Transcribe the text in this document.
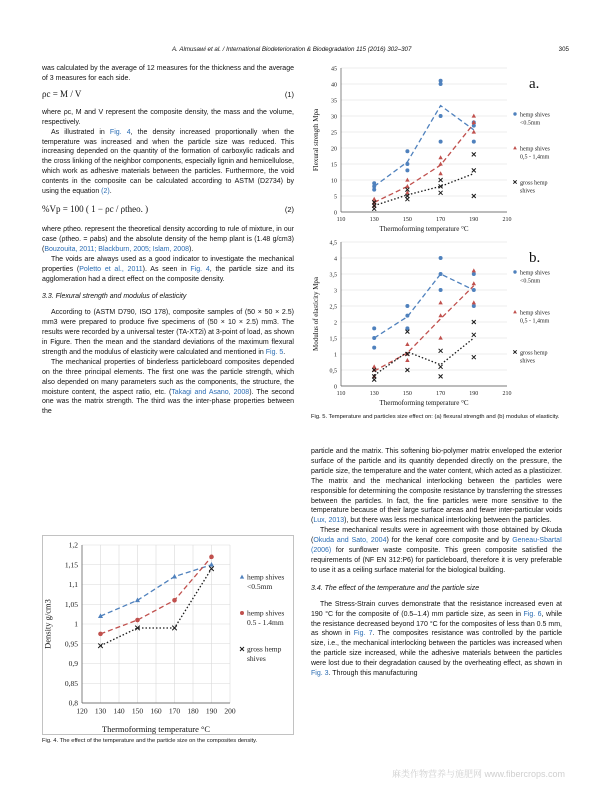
A. Almusawi et al. / International Biodeterioration & Biodegradation 115 (2016) 302–307	305

was calculated by the average of 12 measures for the thickness and the average of 3 measures for each side.

ρc = M / V	(1)

where ρc, M and V represent the composite density, the mass and the volume, respectively.

As illustrated in Fig. 4, the density increased proportionally when the temperature was increased and when the particle size was reduced. This increasing depended on the quantity of the formation of carboxylic radicals and the cross linking of the neighbor components, especially lignin and hemicellulose, which work as adhesive materials between the particles. Furthermore, the void contents in the composite can be calculated according to ASTM (D2734) by using the equation (2).

%Vp = 100 ( 1 − ρc / ρtheo. )	(2)

where ρtheo. represent the theoretical density according to rule of mixture, in our case (ρtheo. = ρabs) and the absolute density of the hemp plant is (1.48 g/cm3) (Bouzouita, 2011; Blackburn, 2005; Islam, 2008).

The voids are always used as a good indicator to investigate the mechanical properties (Poletto et al., 2011). As seen in Fig. 4, the particle size and its agglomeration had a direct effect on the composite density.

3.3. Flexural strength and modulus of elasticity

According to (ASTM D790, ISO 178), composite samples of (50 × 50 × 2.5) mm3 were prepared to produce five specimens of (50 × 10 × 2.5) mm3. The results were recorded by a universal tester (TA-XT2i) at 3-point of load, as shown in Figure. Then the mean and the standard deviations of the maximum flexural strength and the modulus of elasticity were calculated and mentioned in Fig. 5.

The mechanical properties of binderless particleboard composites depended on the three principal elements. The first one was the particle strength, which also depended on many parameters such as the components, the structure, the moisture content, the aspect ratio, etc. (Takagi and Asano, 2008). The second one was the matrix strength. The third was the inter-phase properties between the

0,8
0,85
0,9
0,95
1
1,05
1,1
1,15
1,2
120 130 140 150 160 170 180 190 200
Thermoforming temperature °C
Density g/cm3
hemp shives
<0.5mm
hemp shives
0.5 - 1.4mm
gross hemp
shives
Fig. 4. The effect of the temperature and the particle size on the composites density.
0
5
10
15
20
25
30
35
40
45
110	130	150	170	190	210
Thermoforming temperature °C
Flexural strength Mpa	hemp shives
<0.5mm
hemp shives
0,5 - 1,4mm
gross hemp
shives
a.
0
0,5
1
1,5
2
2,5
3
3,5
4
4,5
110	130	150	170	190	210
Thermoforming temperature °C
Modulus of elasticity Mpa
hemp shives
<0.5mm
hemp shives
0,5 - 1,4mm
gross hemp
shives
b.
Fig. 5. Temperature and particles size effect on: (a) flexural strength and (b) modulus of elasticity.

particle and the matrix. This softening bio-polymer matrix enveloped the exterior surface of the particle and its quantity depended directly on the pressure, the particle size, the temperature and the water content, which acted as a plasticizer. The matrix and the mechanical interlocking between the particles were responsible for determining the composite resistance by transferring the stresses between the particles. In fact, the fine particles were more sensitive to the temperature because of their large surface areas and fewer inter-particular voids (Lux, 2013), but there was less mechanical interlocking between the particles.

These mechanical results were in agreement with those obtained by Okuda (Okuda and Sato, 2004) for the kenaf core composite and by Geneau-Sbartaï (2006) for sunflower waste composite. This green composite satisfied the requirements of (NF EN 312:P6) for particleboard, therefore it is very preferable to use it as a ceiling surface material for the biological building.

3.4. The effect of the temperature and the particle size

The Stress-Strain curves demonstrate that the resistance increased even at 190 °C for the composite of (0.5–1.4) mm particle size, as seen in Fig. 6, while the resistance decreased beyond 170 °C for the composites of less than 0.5 mm, as shown in Fig. 7. The composites resistance was controlled by the particle size, i.e., the mechanical interlocking between the particles was increased when the particle size increased, while the adhesive materials between the particles were lost due to their degradation caused by the overheating effect, as shown in Fig. 3. Through this manufacturing

麻类作物营养与施肥网 www.fibercrops.com
